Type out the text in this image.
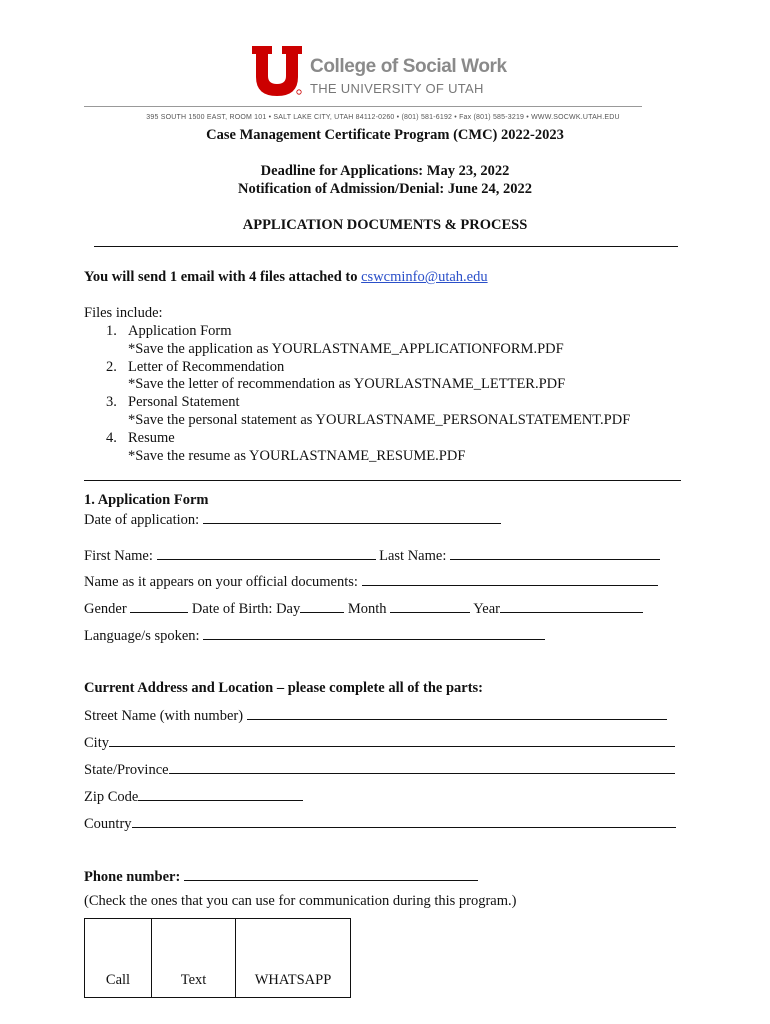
College of Social Work
THE UNIVERSITY OF UTAH
395 SOUTH 1500 EAST, ROOM 101 • SALT LAKE CITY, UTAH 84112-0260 • (801) 581-6192 • Fax (801) 585-3219 • WWW.SOCWK.UTAH.EDU
Case Management Certificate Program (CMC) 2022-2023
Deadline for Applications: May 23, 2022
Notification of Admission/Denial: June 24, 2022
APPLICATION DOCUMENTS & PROCESS
You will send 1 email with 4 files attached to cswcminfo@utah.edu
Files include:
1. Application Form
*Save the application as YOURLASTNAME_APPLICATIONFORM.PDF
2. Letter of Recommendation
*Save the letter of recommendation as YOURLASTNAME_LETTER.PDF
3. Personal Statement
*Save the personal statement as YOURLASTNAME_PERSONALSTATEMENT.PDF
4. Resume
*Save the resume as YOURLASTNAME_RESUME.PDF
1. Application Form
Date of application:
First Name:	Last Name:
Name as it appears on your official documents:
Gender	Date of Birth: Day	Month	Year
Language/s spoken:
Current Address and Location – please complete all of the parts:
Street Name (with number)
City
State/Province
Zip Code
Country
Phone number:
(Check the ones that you can use for communication during this program.)
Call	Text	WHATSAPP
